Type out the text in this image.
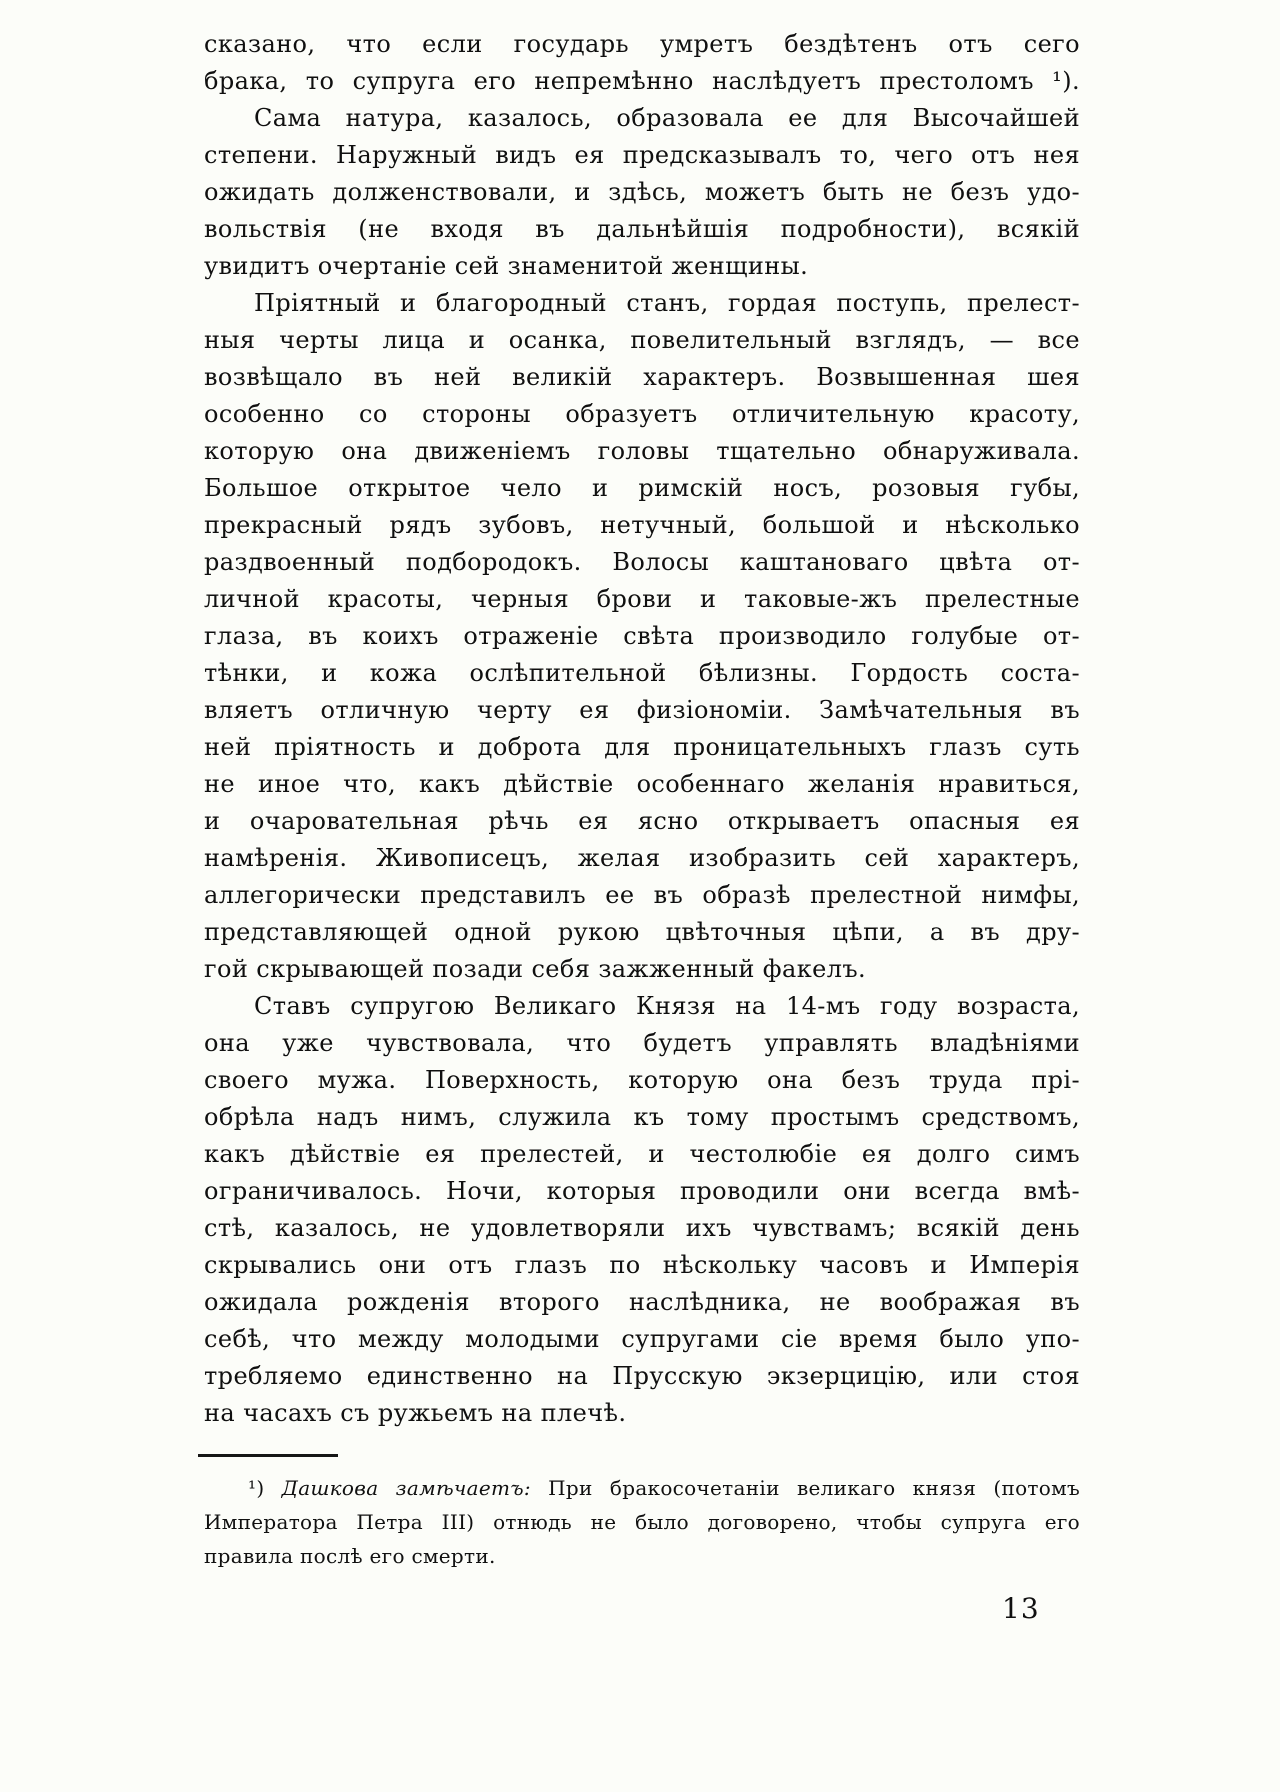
сказано, что если государь умретъ бездѣтенъ отъ сего
брака, то супруга его непремѣнно наслѣдуетъ престоломъ ¹).
Сама натура, казалось, образовала ее для Высочайшей
степени. Наружный видъ ея предсказывалъ то, чего отъ нея
ожидать долженствовали, и здѣсь, можетъ быть не безъ удо-
вольствія (не входя въ дальнѣйшія подробности), всякій
увидитъ очертаніе сей знаменитой женщины.
Пріятный и благородный станъ, гордая поступь, прелест-
ныя черты лица и осанка, повелительный взглядъ, — все
возвѣщало въ ней великій характеръ. Возвышенная шея
особенно со стороны образуетъ отличительную красоту,
которую она движеніемъ головы тщательно обнаруживала.
Большое открытое чело и римскій носъ, розовыя губы,
прекрасный рядъ зубовъ, нетучный, большой и нѣсколько
раздвоенный подбородокъ. Волосы каштановаго цвѣта от-
личной красоты, черныя брови и таковые-жъ прелестные
глаза, въ коихъ отраженіе свѣта производило голубые от-
тѣнки, и кожа ослѣпительной бѣлизны. Гордость соста-
вляетъ отличную черту ея физіономіи. Замѣчательныя въ
ней пріятность и доброта для проницательныхъ глазъ суть
не иное что, какъ дѣйствіе особеннаго желанія нравиться,
и очаровательная рѣчь ея ясно открываетъ опасныя ея
намѣренія. Живописецъ, желая изобразить сей характеръ,
аллегорически представилъ ее въ образѣ прелестной нимфы,
представляющей одной рукою цвѣточныя цѣпи, а въ дру-
гой скрывающей позади себя зажженный факелъ.
Ставъ супругою Великаго Князя на 14-мъ году возраста,
она уже чувствовала, что будетъ управлять владѣніями
своего мужа. Поверхность, которую она безъ труда прі-
обрѣла надъ нимъ, служила къ тому простымъ средствомъ,
какъ дѣйствіе ея прелестей, и честолюбіе ея долго симъ
ограничивалось. Ночи, которыя проводили они всегда вмѣ-
стѣ, казалось, не удовлетворяли ихъ чувствамъ; всякій день
скрывались они отъ глазъ по нѣскольку часовъ и Имперія
ожидала рожденія второго наслѣдника, не воображая въ
себѣ, что между молодыми супругами сіе время было упо-
требляемо единственно на Прусскую экзерцицію, или стоя
на часахъ съ ружьемъ на плечѣ.
¹) Дашкова замѣчаетъ: При бракосочетаніи великаго князя (потомъ
Императора Петра III) отнюдь не было договорено, чтобы супруга его
правила послѣ его смерти.
13
